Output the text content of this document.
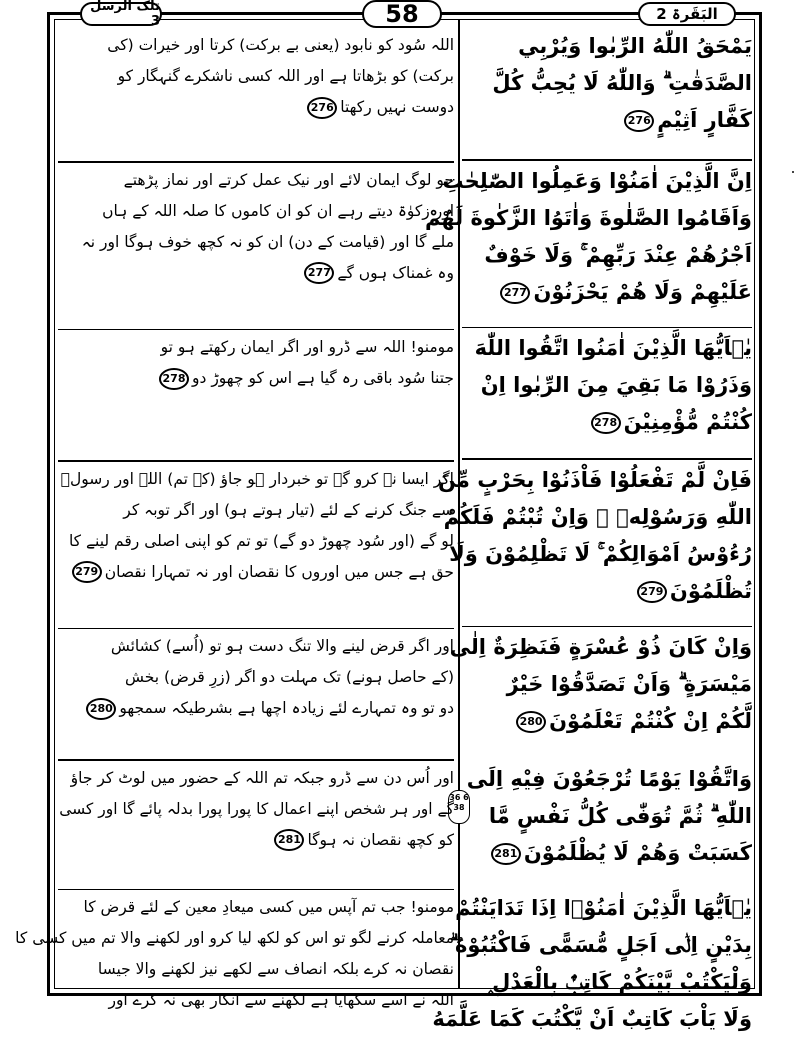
تلک الرسل 3	58	البَقَرۃ 2
36 6 38
يَمْحَقُ اللّٰهُ الرِّبٰوا وَيُرْبِي
الصَّدَقٰتِ ۗ وَاللّٰهُ لَا يُحِبُّ كُلَّ
كَفَّارٍ اَثِيْمٍ276
اِنَّ الَّذِيْنَ اٰمَنُوْا وَعَمِلُوا الصّٰلِحٰتِ
وَاَقَامُوا الصَّلٰوةَ وَاٰتَوُا الزَّكٰوةَ لَهُمْ
اَجْرُهُمْ عِنْدَ رَبِّهِمْ ۚ وَلَا خَوْفٌ
عَلَيْهِمْ وَلَا هُمْ يَحْزَنُوْنَ277
يٰۤاَيُّهَا الَّذِيْنَ اٰمَنُوا اتَّقُوا اللّٰهَ
وَذَرُوْا مَا بَقِيَ مِنَ الرِّبٰوا اِنْ
كُنْتُمْ مُّؤْمِنِيْنَ278
فَاِنْ لَّمْ تَفْعَلُوْا فَاْذَنُوْا بِحَرْبٍ مِّنَ
اللّٰهِ وَرَسُوْلِهٖ ۚ وَاِنْ تُبْتُمْ فَلَكُمْ
رُءُوْسُ اَمْوَالِكُمْ ۚ لَا تَظْلِمُوْنَ وَلَا
تُظْلَمُوْنَ279
وَاِنْ كَانَ ذُوْ عُسْرَةٍ فَنَظِرَةٌ اِلٰى
مَيْسَرَةٍ ۗ وَاَنْ تَصَدَّقُوْا خَيْرٌ
لَّكُمْ اِنْ كُنْتُمْ تَعْلَمُوْنَ280
وَاتَّقُوْا يَوْمًا تُرْجَعُوْنَ فِيْهِ اِلَى
اللّٰهِ ۗ ثُمَّ تُوَفّٰى كُلُّ نَفْسٍ مَّا
كَسَبَتْ وَهُمْ لَا يُظْلَمُوْنَ281
يٰۤاَيُّهَا الَّذِيْنَ اٰمَنُوْۤا اِذَا تَدَايَنْتُمْ
بِدَيْنٍ اِلٰۤى اَجَلٍ مُّسَمًّى فَاكْتُبُوْهُ ۗ
وَلْيَكْتُبْ بَّيْنَكُمْ كَاتِبٌۢ بِالْعَدْلِ ۪
وَلَا يَاْبَ كَاتِبٌ اَنْ يَّكْتُبَ كَمَا عَلَّمَهُ
اللہ سُود کو نابود (یعنی بے برکت) کرتا اور خیرات (کی
برکت) کو بڑھاتا ہے اور اللہ کسی ناشکرے گنہگار کو
دوست نہیں رکھتا276
جو لوگ ایمان لائے اور نیک عمل کرتے اور نماز پڑھتے
اور زکوٰۃ دیتے رہے ان کو ان کاموں کا صلہ اللہ کے ہاں
ملے گا اور (قیامت کے دن) ان کو نہ کچھ خوف ہوگا اور نہ
وہ غمناک ہوں گے277
مومنو! اللہ سے ڈرو اور اگر ایمان رکھتے ہو تو
جتنا سُود باقی رہ گیا ہے اس کو چھوڑ دو278
اگر ایسا نہ کرو گے تو خبردار ہو جاؤ (کہ تم) اللہ اور رسولؐ
سے جنگ کرنے کے لئے (تیار ہوتے ہو) اور اگر توبہ کر
لو گے (اور سُود چھوڑ دو گے) تو تم کو اپنی اصلی رقم لینے کا
حق ہے جس میں اوروں کا نقصان اور نہ تمہارا نقصان279
اور اگر قرض لینے والا تنگ دست ہو تو (اُسے) کشائش
(کے حاصل ہونے) تک مہلت دو اگر (زرِ قرض) بخش
دو تو وہ تمہارے لئے زیادہ اچھا ہے بشرطیکہ سمجھو280
اور اُس دن سے ڈرو جبکہ تم اللہ کے حضور میں لوٹ کر جاؤ
گے اور ہر شخص اپنے اعمال کا پورا پورا بدلہ پائے گا اور کسی
کو کچھ نقصان نہ ہوگا281
مومنو! جب تم آپس میں کسی میعادِ معین کے لئے قرض کا
معاملہ کرنے لگو تو اس کو لکھ لیا کرو اور لکھنے والا تم میں کسی کا
نقصان نہ کرے بلکہ انصاف سے لکھے نیز لکھنے والا جیسا
اللہ نے اسے سکھایا ہے لکھنے سے انکار بھی نہ کرے اور
